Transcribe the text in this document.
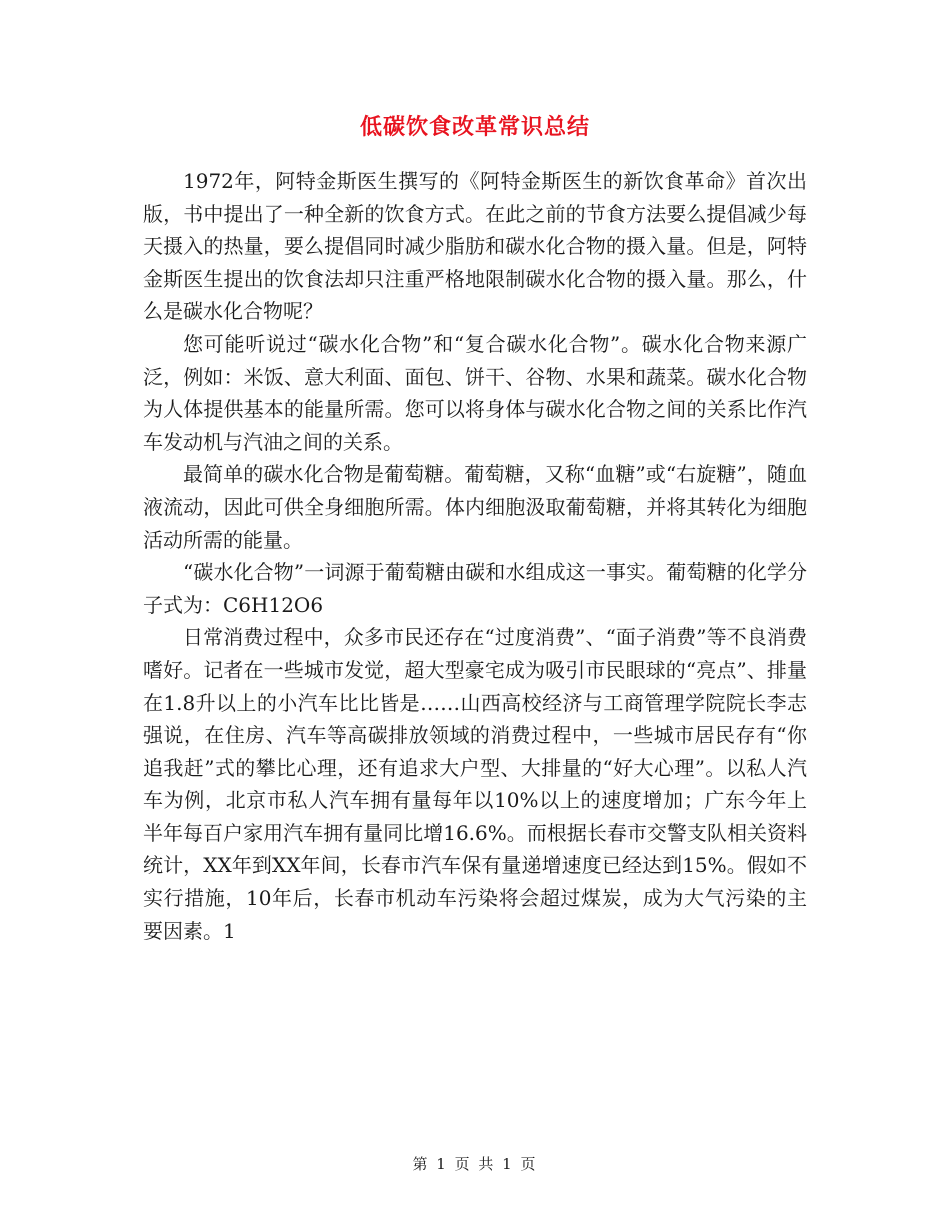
低碳饮食改革常识总结

1972年，阿特金斯医生撰写的《阿特金斯医生的新饮食革命》首次出版，书中提出了一种全新的饮食方式。在此之前的节食方法要么提倡减少每天摄入的热量，要么提倡同时减少脂肪和碳水化合物的摄入量。但是，阿特金斯医生提出的饮食法却只注重严格地限制碳水化合物的摄入量。那么，什么是碳水化合物呢？

您可能听说过“碳水化合物”和“复合碳水化合物”。碳水化合物来源广泛，例如：米饭、意大利面、面包、饼干、谷物、水果和蔬菜。碳水化合物为人体提供基本的能量所需。您可以将身体与碳水化合物之间的关系比作汽车发动机与汽油之间的关系。

最简单的碳水化合物是葡萄糖。葡萄糖，又称“血糖”或“右旋糖”，随血液流动，因此可供全身细胞所需。体内细胞汲取葡萄糖，并将其转化为细胞活动所需的能量。

“碳水化合物”一词源于葡萄糖由碳和水组成这一事实。葡萄糖的化学分子式为：C6H12O6

日常消费过程中，众多市民还存在“过度消费”、“面子消费”等不良消费嗜好。记者在一些城市发觉，超大型豪宅成为吸引市民眼球的“亮点”、排量在1.8升以上的小汽车比比皆是……山西高校经济与工商管理学院院长李志强说，在住房、汽车等高碳排放领域的消费过程中，一些城市居民存有“你追我赶”式的攀比心理，还有追求大户型、大排量的“好大心理”。以私人汽车为例，北京市私人汽车拥有量每年以10%以上的速度增加；广东今年上半年每百户家用汽车拥有量同比增16.6%。而根据长春市交警支队相关资料统计，XX年到XX年间，长春市汽车保有量递增速度已经达到15%。假如不实行措施，10年后，长春市机动车污染将会超过煤炭，成为大气污染的主要因素。1

第 1 页 共 1 页
